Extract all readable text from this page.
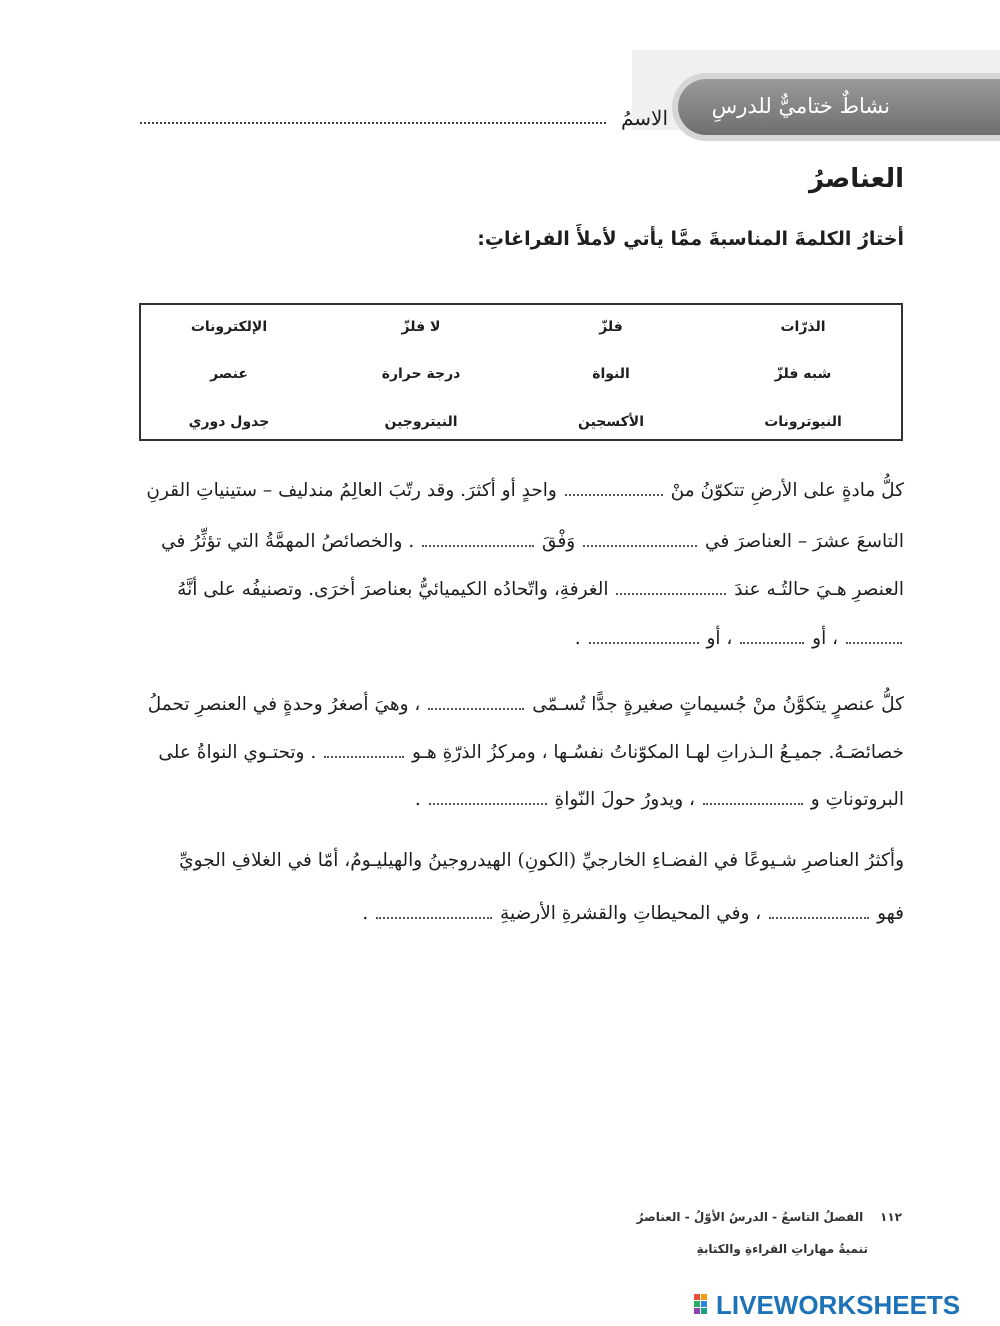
نشاطٌ ختاميٌّ للدرسِ
الاسمُ
العناصرُ
أختارُ الكلمةَ المناسبةَ ممَّا يأتي لأملأَ الفراغاتِ:
الذرّات
فلزّ
لا فلزّ
الإلكترونات
شبه فلزّ
النواة
درجة حرارة
عنصر
النيوترونات
الأكسجين
النيتروجين
جدول دوري
كلُّ مادةٍ على الأرضِ تتكوّنُ منْ  واحدٍ أو أكثرَ. وقد رتّبَ العالِمُ مندليف – ستينياتِ القرنِ
التاسعَ عشرَ – العناصرَ في  وَفْقَ  . والخصائصُ المهمَّةُ التي تؤثِّرُ في
العنصرِ هـيَ حالتُـه عندَ  الغرفةِ، واتّحادُه الكيميائيُّ بعناصرَ أخرَى. وتصنيفُه على أنَّهُ
، أو  ، أو  .
كلُّ عنصرٍ يتكوَّنُ منْ جُسيماتٍ صغيرةٍ جدًّا تُسـمّى  ، وهيَ أصغرُ وحدةٍ في العنصرِ تحملُ
خصائصَـهُ. جميـعُ الـذراتِ لهـا المكوّناتُ نفسُـها ، ومركزُ الذرّةِ هـو  . وتحتـوي النواةُ على
البروتوناتِ و  ، ويدورُ حولَ النّواةِ  .
وأكثرُ العناصرِ شـيوعًا في الفضـاءِ الخارجيِّ (الكونِ) الهيدروجينُ والهيليـومُ، أمّا في الغلافِ الجويِّ
فهو  ، وفي المحيطاتِ والقشرةِ الأرضيةِ  .
١١٢    الفصلُ التاسعُ - الدرسُ الأوّلُ - العناصرُ
تنميةُ مهاراتِ القراءةِ والكتابةِ
LIVEWORKSHEETS
